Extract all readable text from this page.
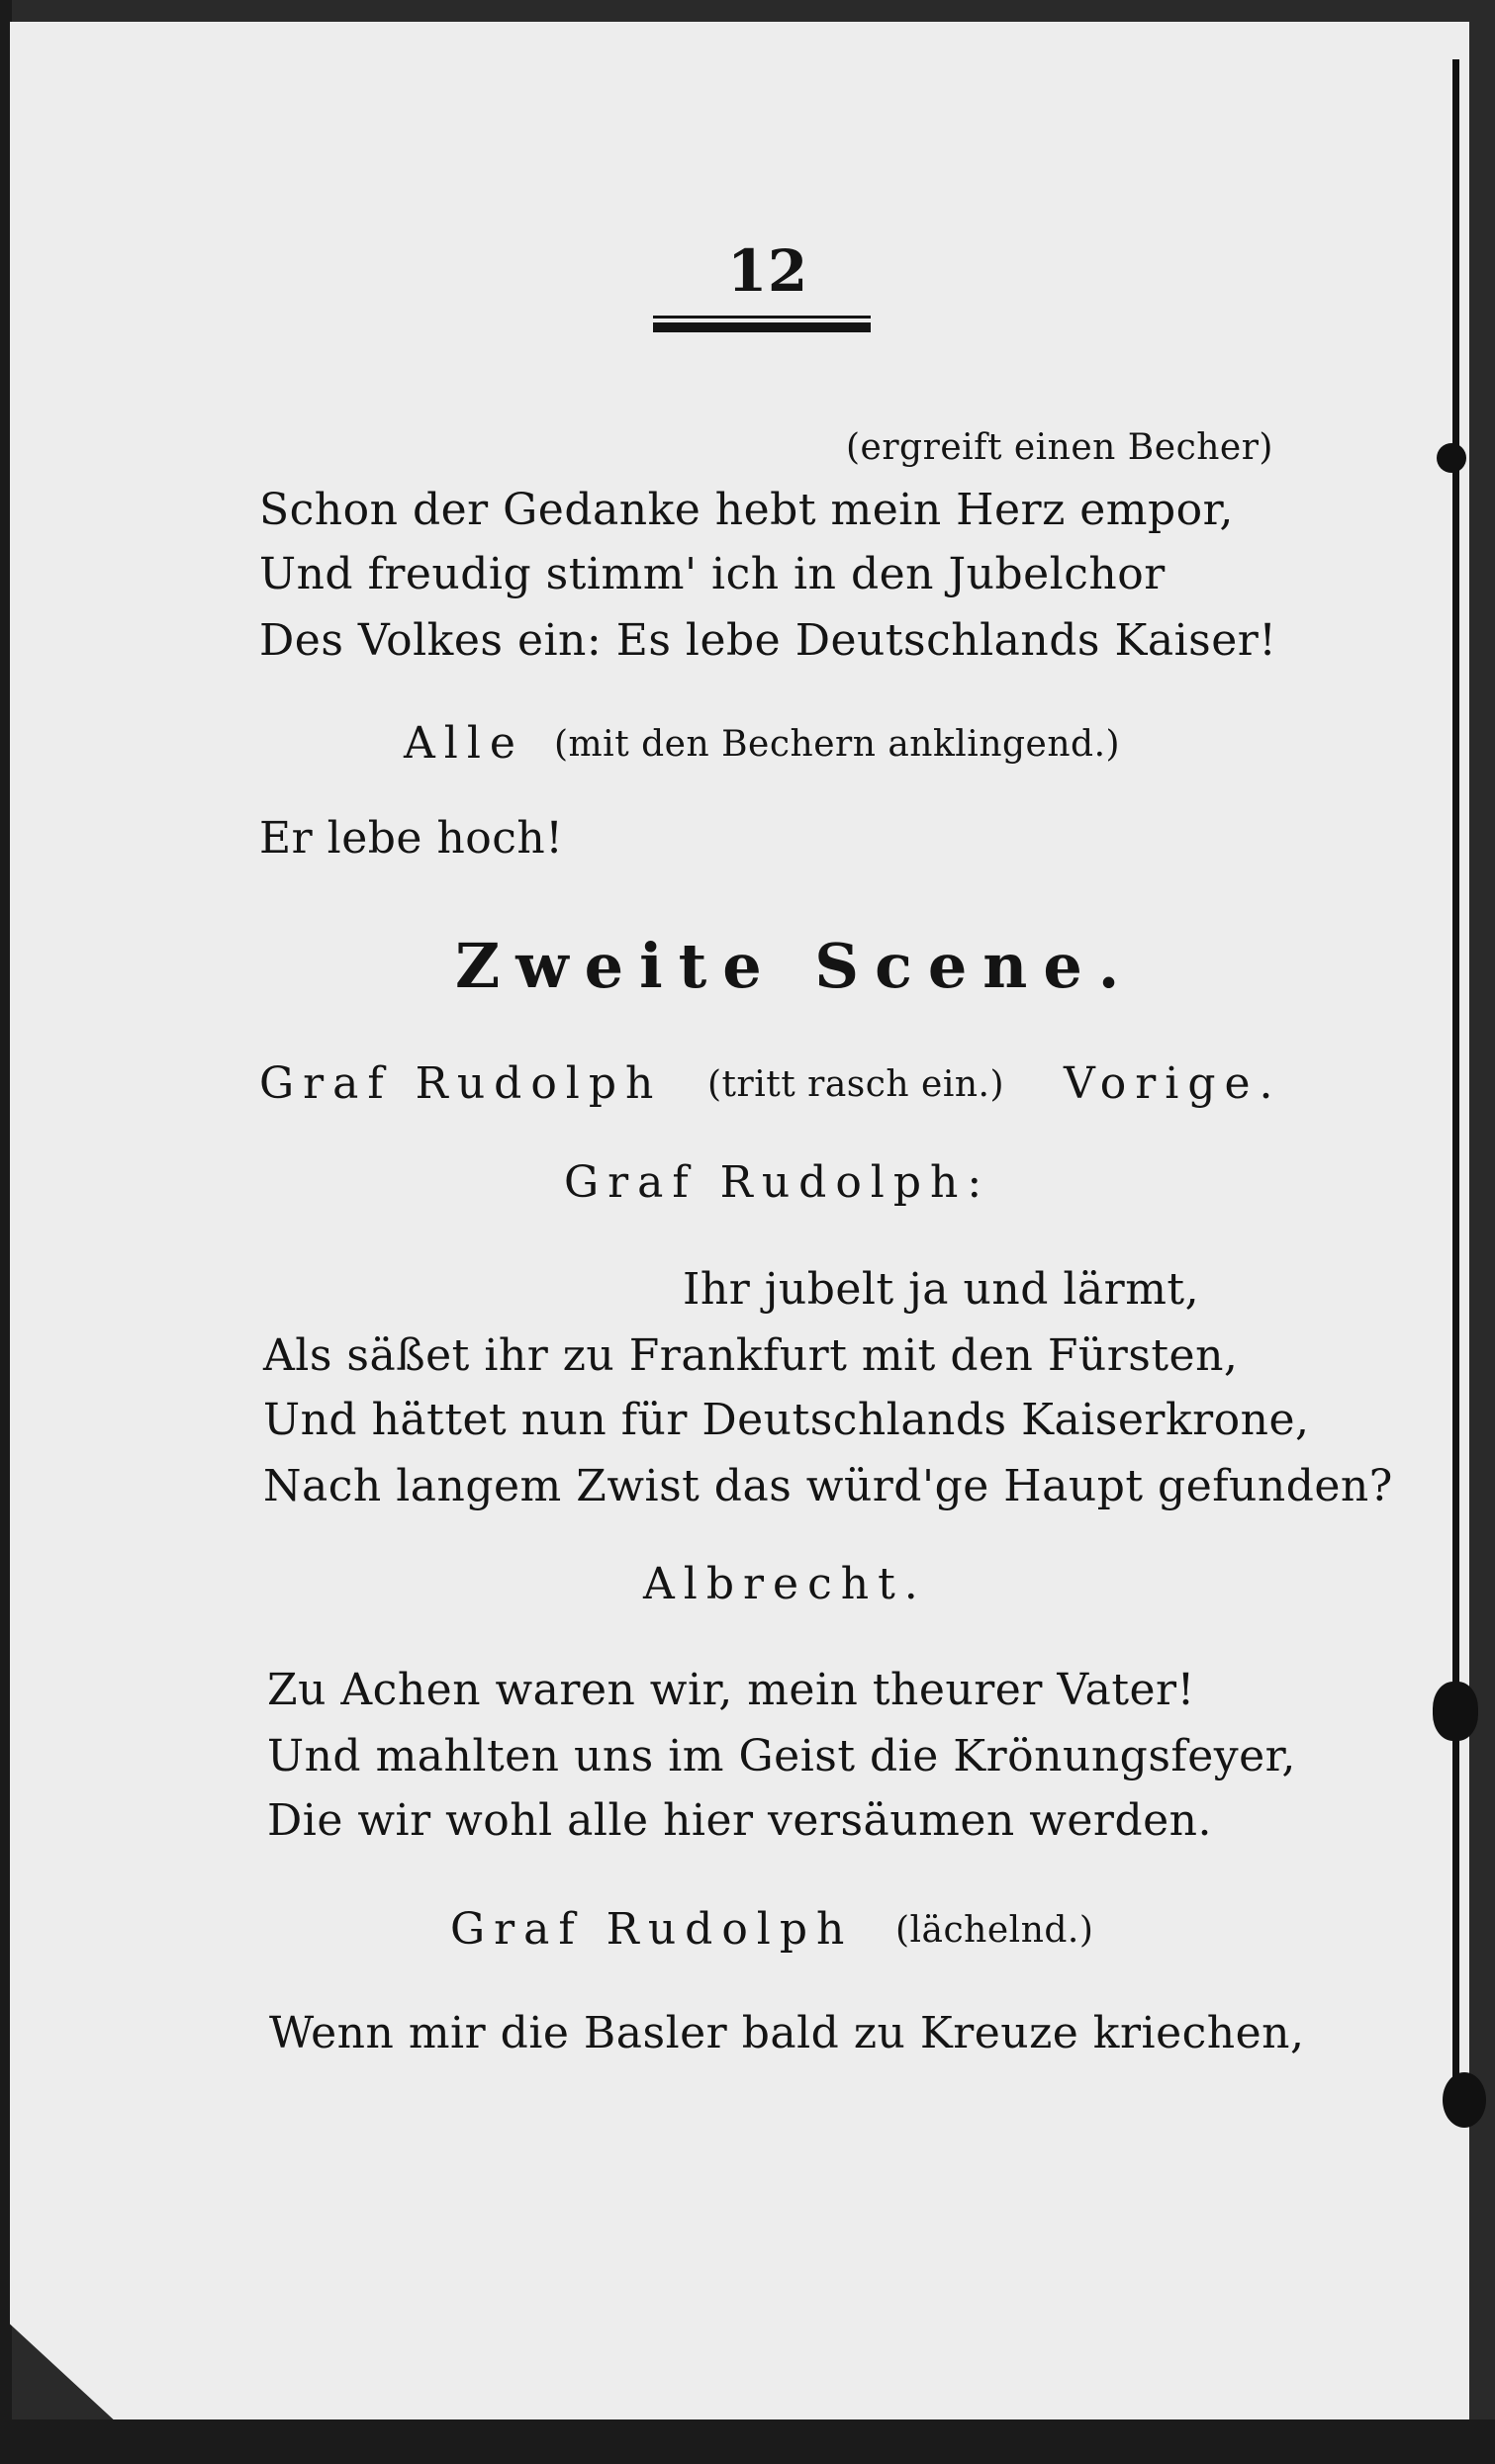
12
(ergreift einen Becher)
Schon der Gedanke hebt mein Herz empor,
Und freudig stimm' ich in den Jubelchor
Des Volkes ein: Es lebe Deutschlands Kaiser!
Alle (mit den Bechern anklingend.)
Er lebe hoch!
Zweite Scene.
Graf Rudolph (tritt rasch ein.) Vorige.
Graf Rudolph:
Ihr jubelt ja und lärmt,
Als säßet ihr zu Frankfurt mit den Fürsten,
Und hättet nun für Deutschlands Kaiserkrone,
Nach langem Zwist das würd'ge Haupt gefunden?
Albrecht.
Zu Achen waren wir, mein theurer Vater!
Und mahlten uns im Geist die Krönungsfeyer,
Die wir wohl alle hier versäumen werden.
Graf Rudolph (lächelnd.)
Wenn mir die Basler bald zu Kreuze kriechen,
